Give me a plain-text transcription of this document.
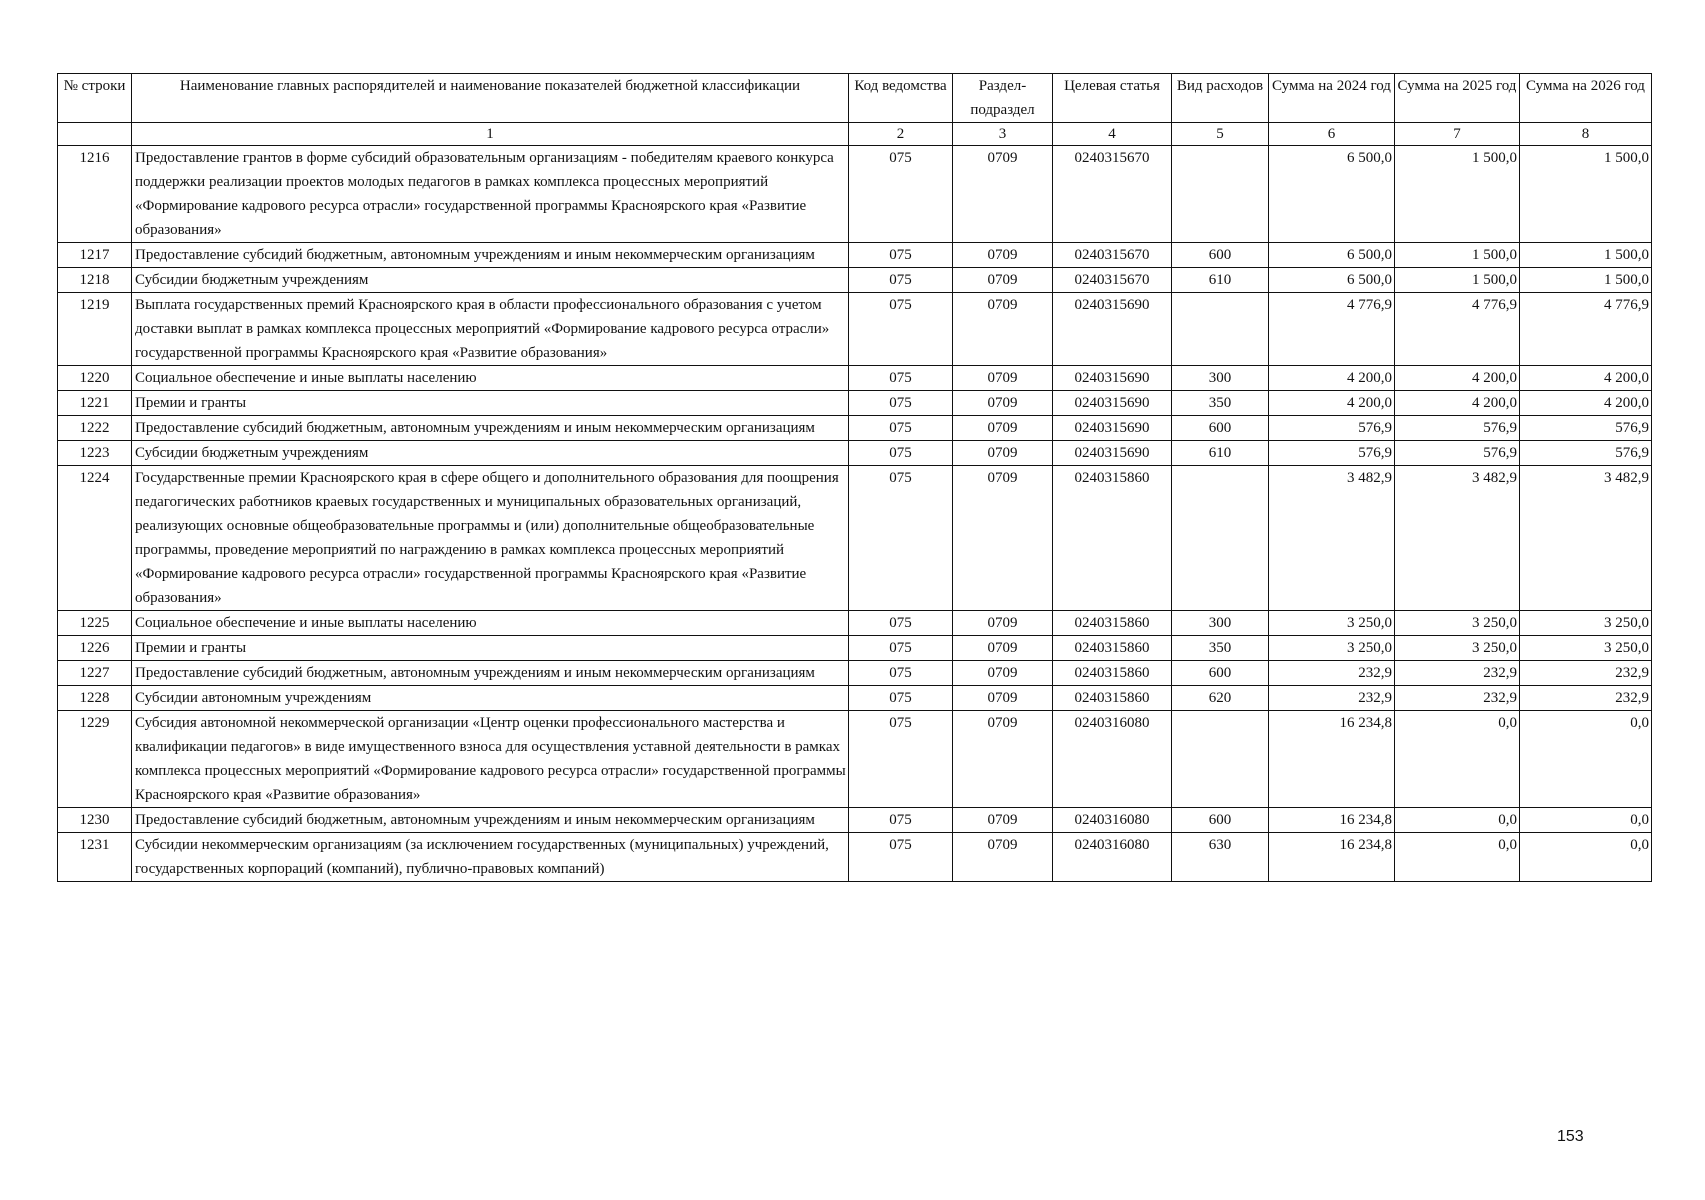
№ строки	Наименование главных распорядителей и наименование показателей бюджетной классификации	Код ведомства	Раздел-подраздел	Целевая статья	Вид расходов	Сумма на 2024 год	Сумма на 2025 год	Сумма на 2026 год
	1	2	3	4	5	6	7	8
1216	Предоставление грантов в форме субсидий образовательным организациям - победителям краевого конкурса поддержки реализации проектов молодых педагогов в рамках комплекса процессных мероприятий «Формирование кадрового ресурса отрасли» государственной программы Красноярского края «Развитие образования»	075	0709	0240315670		6 500,0	1 500,0	1 500,0
1217	Предоставление субсидий бюджетным, автономным учреждениям и иным некоммерческим организациям	075	0709	0240315670	600	6 500,0	1 500,0	1 500,0
1218	Субсидии бюджетным учреждениям	075	0709	0240315670	610	6 500,0	1 500,0	1 500,0
1219	Выплата государственных премий Красноярского края в области профессионального образования с учетом доставки выплат в рамках комплекса процессных мероприятий «Формирование кадрового ресурса отрасли» государственной программы Красноярского края «Развитие образования»	075	0709	0240315690		4 776,9	4 776,9	4 776,9
1220	Социальное обеспечение и иные выплаты населению	075	0709	0240315690	300	4 200,0	4 200,0	4 200,0
1221	Премии и гранты	075	0709	0240315690	350	4 200,0	4 200,0	4 200,0
1222	Предоставление субсидий бюджетным, автономным учреждениям и иным некоммерческим организациям	075	0709	0240315690	600	576,9	576,9	576,9
1223	Субсидии бюджетным учреждениям	075	0709	0240315690	610	576,9	576,9	576,9
1224	Государственные премии Красноярского края в сфере общего и дополнительного образования для поощрения педагогических работников краевых государственных и муниципальных образовательных организаций, реализующих основные общеобразовательные программы и (или) дополнительные общеобразовательные программы, проведение мероприятий по награждению в рамках комплекса процессных мероприятий «Формирование кадрового ресурса отрасли» государственной программы Красноярского края «Развитие образования»	075	0709	0240315860		3 482,9	3 482,9	3 482,9
1225	Социальное обеспечение и иные выплаты населению	075	0709	0240315860	300	3 250,0	3 250,0	3 250,0
1226	Премии и гранты	075	0709	0240315860	350	3 250,0	3 250,0	3 250,0
1227	Предоставление субсидий бюджетным, автономным учреждениям и иным некоммерческим организациям	075	0709	0240315860	600	232,9	232,9	232,9
1228	Субсидии автономным учреждениям	075	0709	0240315860	620	232,9	232,9	232,9
1229	Субсидия автономной некоммерческой организации «Центр оценки профессионального мастерства и квалификации педагогов» в виде имущественного взноса для осуществления уставной деятельности в рамках комплекса процессных мероприятий «Формирование кадрового ресурса отрасли» государственной программы Красноярского края «Развитие образования»	075	0709	0240316080		16 234,8	0,0	0,0
1230	Предоставление субсидий бюджетным, автономным учреждениям и иным некоммерческим организациям	075	0709	0240316080	600	16 234,8	0,0	0,0
1231	Субсидии некоммерческим организациям (за исключением государственных (муниципальных) учреждений, государственных корпораций (компаний), публично-правовых компаний)	075	0709	0240316080	630	16 234,8	0,0	0,0
153
